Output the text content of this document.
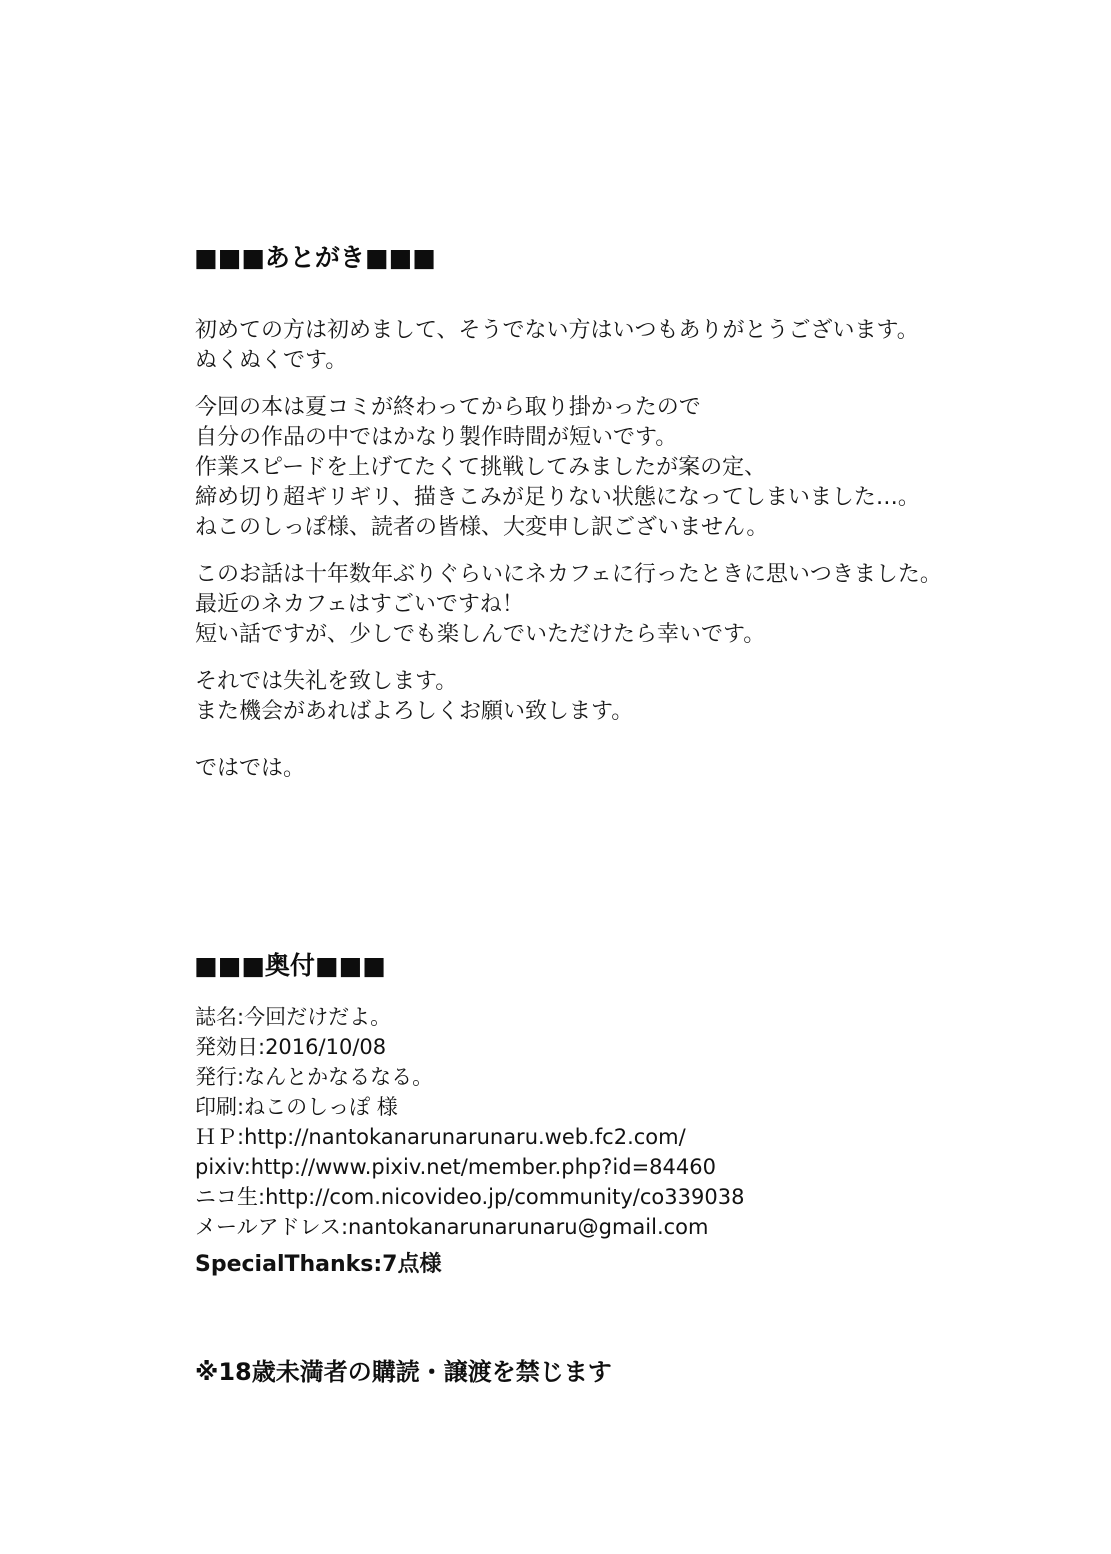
■■■あとがき■■■

初めての方は初めまして、そうでない方はいつもありがとうございます。
ぬくぬくです。

今回の本は夏コミが終わってから取り掛かったので
自分の作品の中ではかなり製作時間が短いです。
作業スピードを上げてたくて挑戦してみましたが案の定、
締め切り超ギリギリ、描きこみが足りない状態になってしまいました…。
ねこのしっぽ様、読者の皆様、大変申し訳ございません。

このお話は十年数年ぶりぐらいにネカフェに行ったときに思いつきました。
最近のネカフェはすごいですね！
短い話ですが、少しでも楽しんでいただけたら幸いです。

それでは失礼を致します。
また機会があればよろしくお願い致します。

ではでは。

■■■奥付■■■
誌名:今回だけだよ。
発効日:2016/10/08
発行:なんとかなるなる。
印刷:ねこのしっぽ 様
ＨＰ:http://nantokanarunarunaru.web.fc2.com/
pixiv:http://www.pixiv.net/member.php?id=84460
ニコ生:http://com.nicovideo.jp/community/co339038
メールアドレス:nantokanarunarunaru@gmail.com
SpecialThanks:7点様
※18歳未満者の購読・譲渡を禁じます
